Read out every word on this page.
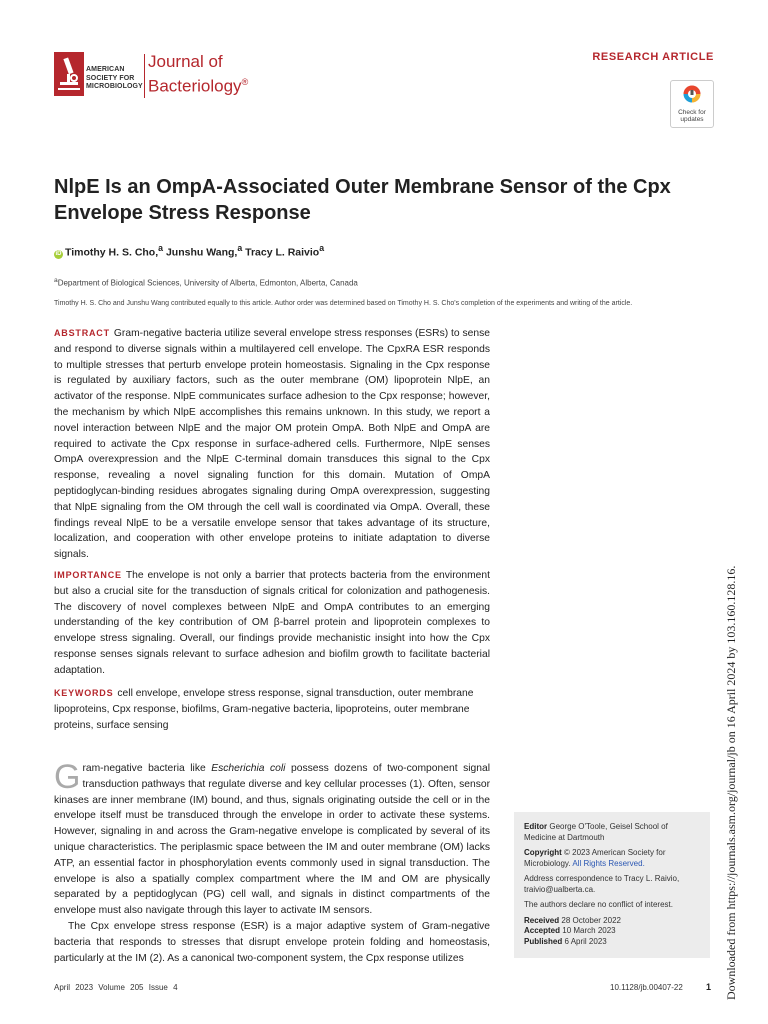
AMERICAN
SOCIETY FOR
MICROBIOLOGY
Journal of
Bacteriology®
RESEARCH ARTICLE
Check for
updates
NlpE Is an OmpA-Associated Outer Membrane Sensor of the Cpx Envelope Stress Response
iD Timothy H. S. Cho,$^a$ Junshu Wang,$^a$ Tracy L. Raivio$^a$
$^a$Department of Biological Sciences, University of Alberta, Edmonton, Alberta, Canada
Timothy H. S. Cho and Junshu Wang contributed equally to this article. Author order was determined based on Timothy H. S. Cho's completion of the experiments and writing of the article.
ABSTRACT Gram-negative bacteria utilize several envelope stress responses (ESRs) to sense and respond to diverse signals within a multilayered cell envelope. The CpxRA ESR responds to multiple stresses that perturb envelope protein homeostasis. Signaling in the Cpx response is regulated by auxiliary factors, such as the outer membrane (OM) lipoprotein NlpE, an activator of the response. NlpE communicates surface adhesion to the Cpx response; however, the mechanism by which NlpE accomplishes this remains unknown. In this study, we report a novel interaction between NlpE and the major OM protein OmpA. Both NlpE and OmpA are required to activate the Cpx response in surface-adhered cells. Furthermore, NlpE senses OmpA overexpression and the NlpE C-terminal domain transduces this signal to the Cpx response, revealing a novel signaling function for this domain. Mutation of OmpA peptidoglycan-binding residues abrogates signaling during OmpA overexpression, suggesting that NlpE signaling from the OM through the cell wall is coordinated via OmpA. Overall, these findings reveal NlpE to be a versatile envelope sensor that takes advantage of its structure, localization, and cooperation with other envelope proteins to initiate adaptation to diverse signals.
IMPORTANCE The envelope is not only a barrier that protects bacteria from the environment but also a crucial site for the transduction of signals critical for colonization and pathogenesis. The discovery of novel complexes between NlpE and OmpA contributes to an emerging understanding of the key contribution of OM β-barrel protein and lipoprotein complexes to envelope stress signaling. Overall, our findings provide mechanistic insight into how the Cpx response senses signals relevant to surface adhesion and biofilm growth to facilitate bacterial adaptation.
KEYWORDS cell envelope, envelope stress response, signal transduction, outer membrane lipoproteins, Cpx response, biofilms, Gram-negative bacteria, lipoproteins, outer membrane proteins, surface sensing

Gram-negative bacteria like Escherichia coli possess dozens of two-component signal transduction pathways that regulate diverse and key cellular processes (1). Often, sensor kinases are inner membrane (IM) bound, and thus, signals originating outside the cell or in the envelope itself must be transduced through the envelope in order to activate these systems. However, signaling in and across the Gram-negative envelope is complicated by several of its unique characteristics. The periplasmic space between the IM and outer membrane (OM) lacks ATP, an essential factor in phosphorylation events commonly used in signal transduction. The envelope is also a spatially complex compartment where the IM and OM are physically separated by a peptidoglycan (PG) cell wall, and signals in distinct compartments of the envelope must also navigate through this layer to activate IM sensors.

The Cpx envelope stress response (ESR) is a major adaptive system of Gram-negative bacteria that responds to stresses that disrupt envelope protein folding and homeostasis, particularly at the IM (2). As a canonical two-component system, the Cpx response utilizes

Editor George O'Toole, Geisel School of Medicine at Dartmouth

Copyright © 2023 American Society for Microbiology. All Rights Reserved.

Address correspondence to Tracy L. Raivio, traivio@ualberta.ca.

The authors declare no conflict of interest.

Received 28 October 2022
Accepted 10 March 2023
Published 6 April 2023	Downloaded from https://journals.asm.org/journal/jb on 16 April 2024 by 103.160.128.16.
April 2023 Volume 205 Issue 4	10.1128/jb.00407-22	1
